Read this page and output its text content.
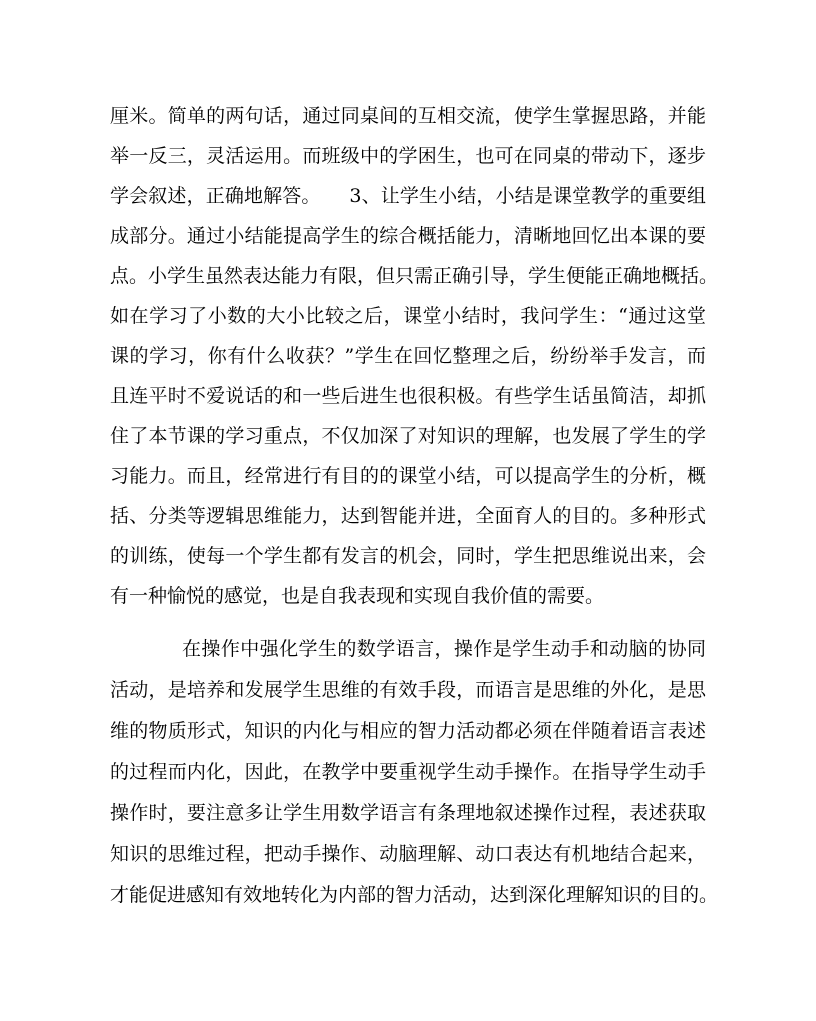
厘米。简单的两句话，通过同桌间的互相交流，使学生掌握思路，并能
举一反三，灵活运用。而班级中的学困生，也可在同桌的带动下，逐步
学会叙述，正确地解答。　　3、让学生小结，小结是课堂教学的重要组
成部分。通过小结能提高学生的综合概括能力，清晰地回忆出本课的要
点。小学生虽然表达能力有限，但只需正确引导，学生便能正确地概括。
如在学习了小数的大小比较之后，课堂小结时，我问学生：“通过这堂
课的学习，你有什么收获？”学生在回忆整理之后，纷纷举手发言，而
且连平时不爱说话的和一些后进生也很积极。有些学生话虽简洁，却抓
住了本节课的学习重点，不仅加深了对知识的理解，也发展了学生的学
习能力。而且，经常进行有目的的课堂小结，可以提高学生的分析，概
括、分类等逻辑思维能力，达到智能并进，全面育人的目的。多种形式
的训练，使每一个学生都有发言的机会，同时，学生把思维说出来，会
有一种愉悦的感觉，也是自我表现和实现自我价值的需要。
在操作中强化学生的数学语言，操作是学生动手和动脑的协同
活动，是培养和发展学生思维的有效手段，而语言是思维的外化，是思
维的物质形式，知识的内化与相应的智力活动都必须在伴随着语言表述
的过程而内化，因此，在教学中要重视学生动手操作。在指导学生动手
操作时，要注意多让学生用数学语言有条理地叙述操作过程，表述获取
知识的思维过程，把动手操作、动脑理解、动口表达有机地结合起来，
才能促进感知有效地转化为内部的智力活动，达到深化理解知识的目的。
